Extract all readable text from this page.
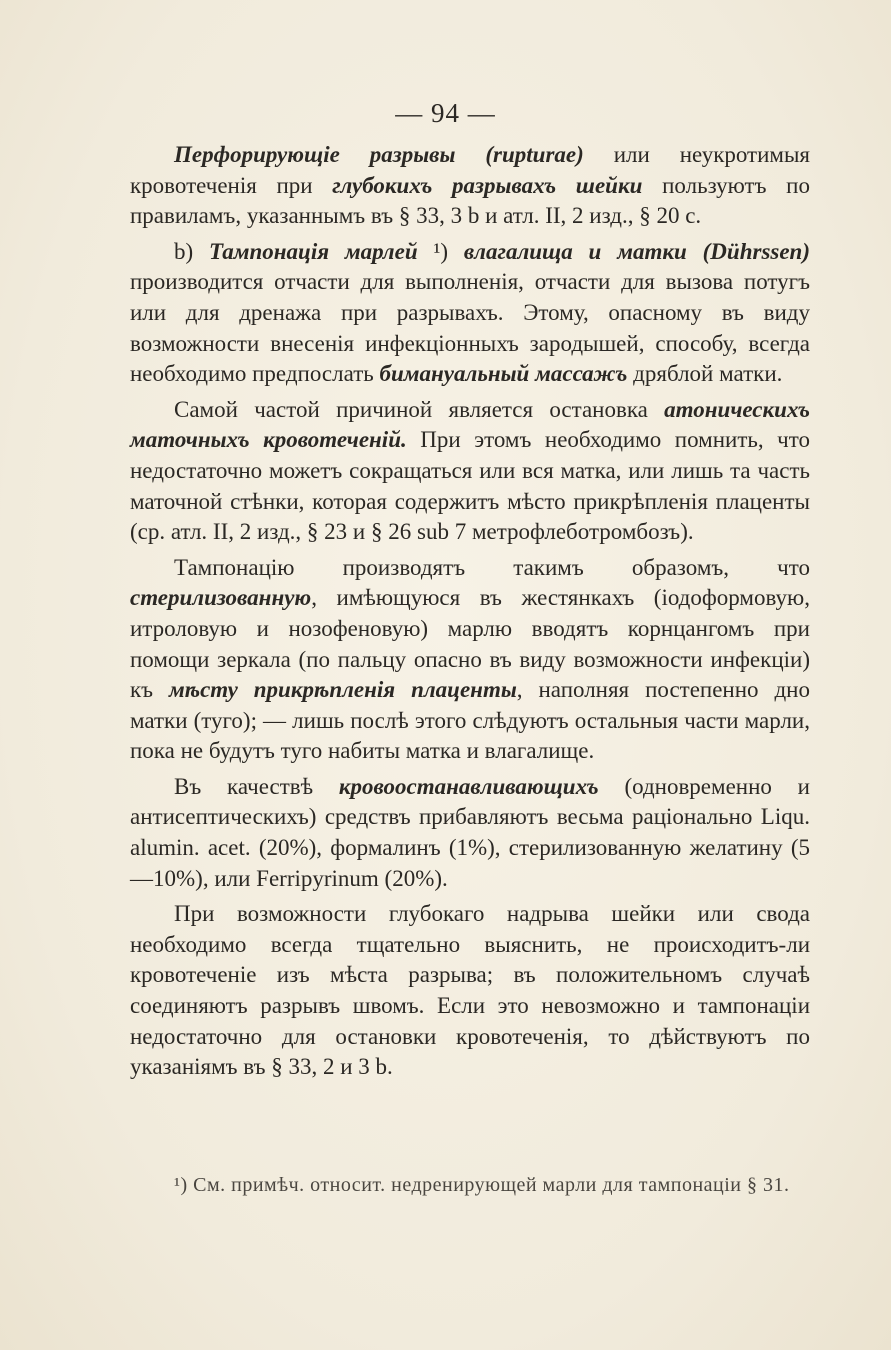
— 94 —

Перфорирующіе разрывы (rupturae) или неукротимыя кровотеченія при глубокихъ разрывахъ шейки пользуютъ по правиламъ, указаннымъ въ § 33, 3 b и атл. II, 2 изд., § 20 c.

b) Тампонація марлей ¹) влагалища и матки (Dührssen) производится отчасти для выполненія, отчасти для вызова потугъ или для дренажа при разрывахъ. Этому, опасному въ виду возможности внесенія инфекціонныхъ зародышей, способу, всегда необходимо предпослать бимануальный массажъ дряблой матки.

Самой частой причиной является остановка атоническихъ маточныхъ кровотеченій. При этомъ необходимо помнить, что недостаточно можетъ сокращаться или вся матка, или лишь та часть маточной стѣнки, которая содержитъ мѣсто прикрѣпленія плаценты (ср. атл. II, 2 изд., § 23 и § 26 sub 7 метрофлеботромбозъ).

Тампонацію производятъ такимъ образомъ, что стерилизованную, имѣющуюся въ жестянкахъ (іодоформовую, итроловую и нозофеновую) марлю вводятъ корнцангомъ при помощи зеркала (по пальцу опасно въ виду возможности инфекціи) къ мѣсту прикрѣпленія плаценты, наполняя постепенно дно матки (туго); — лишь послѣ этого слѣдуютъ остальныя части марли, пока не будутъ туго набиты матка и влагалище.

Въ качествѣ кровоостанавливающихъ (одновременно и антисептическихъ) средствъ прибавляютъ весьма раціонально Liqu. alumin. acet. (20%), формалинъ (1%), стерилизованную желатину (5—10%), или Ferripyrinum (20%).

При возможности глубокаго надрыва шейки или свода необходимо всегда тщательно выяснить, не происходитъ-ли кровотеченіе изъ мѣста разрыва; въ положительномъ случаѣ соединяютъ разрывъ швомъ. Если это невозможно и тампонаціи недостаточно для остановки кровотеченія, то дѣйствуютъ по указаніямъ въ § 33, 2 и 3 b.

¹) См. примѣч. относит. недренирующей марли для тампонаціи § 31.
